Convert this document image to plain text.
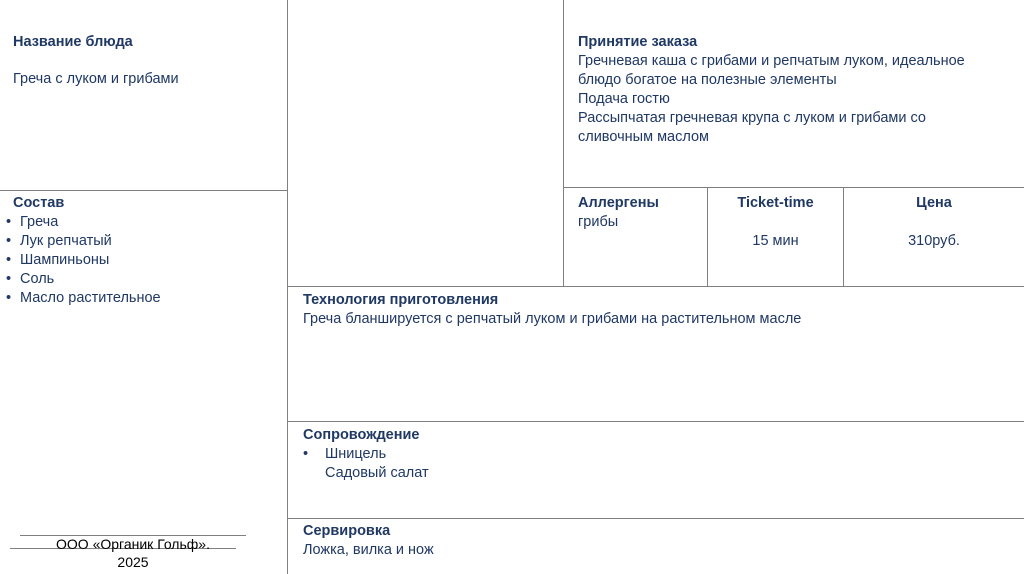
Название блюда
Греча с луком и грибами
Принятие заказа
Гречневая каша с грибами и репчатым луком, идеальное
блюдо богатое на полезные элементы
Подача гостю
Рассыпчатая гречневая крупа с луком и грибами со
сливочным маслом
Состав
• Греча
• Лук репчатый
• Шампиньоны
• Соль
• Масло растительное
Аллергены
грибы
Ticket-time
15 мин
Цена
310руб.
Технология приготовления
Греча бланшируется с репчатый луком и грибами на растительном масле
Сопровождение
• Шницель
Садовый салат
Сервировка
Ложка, вилка и нож
ООО «Органик Гольф».
2025
